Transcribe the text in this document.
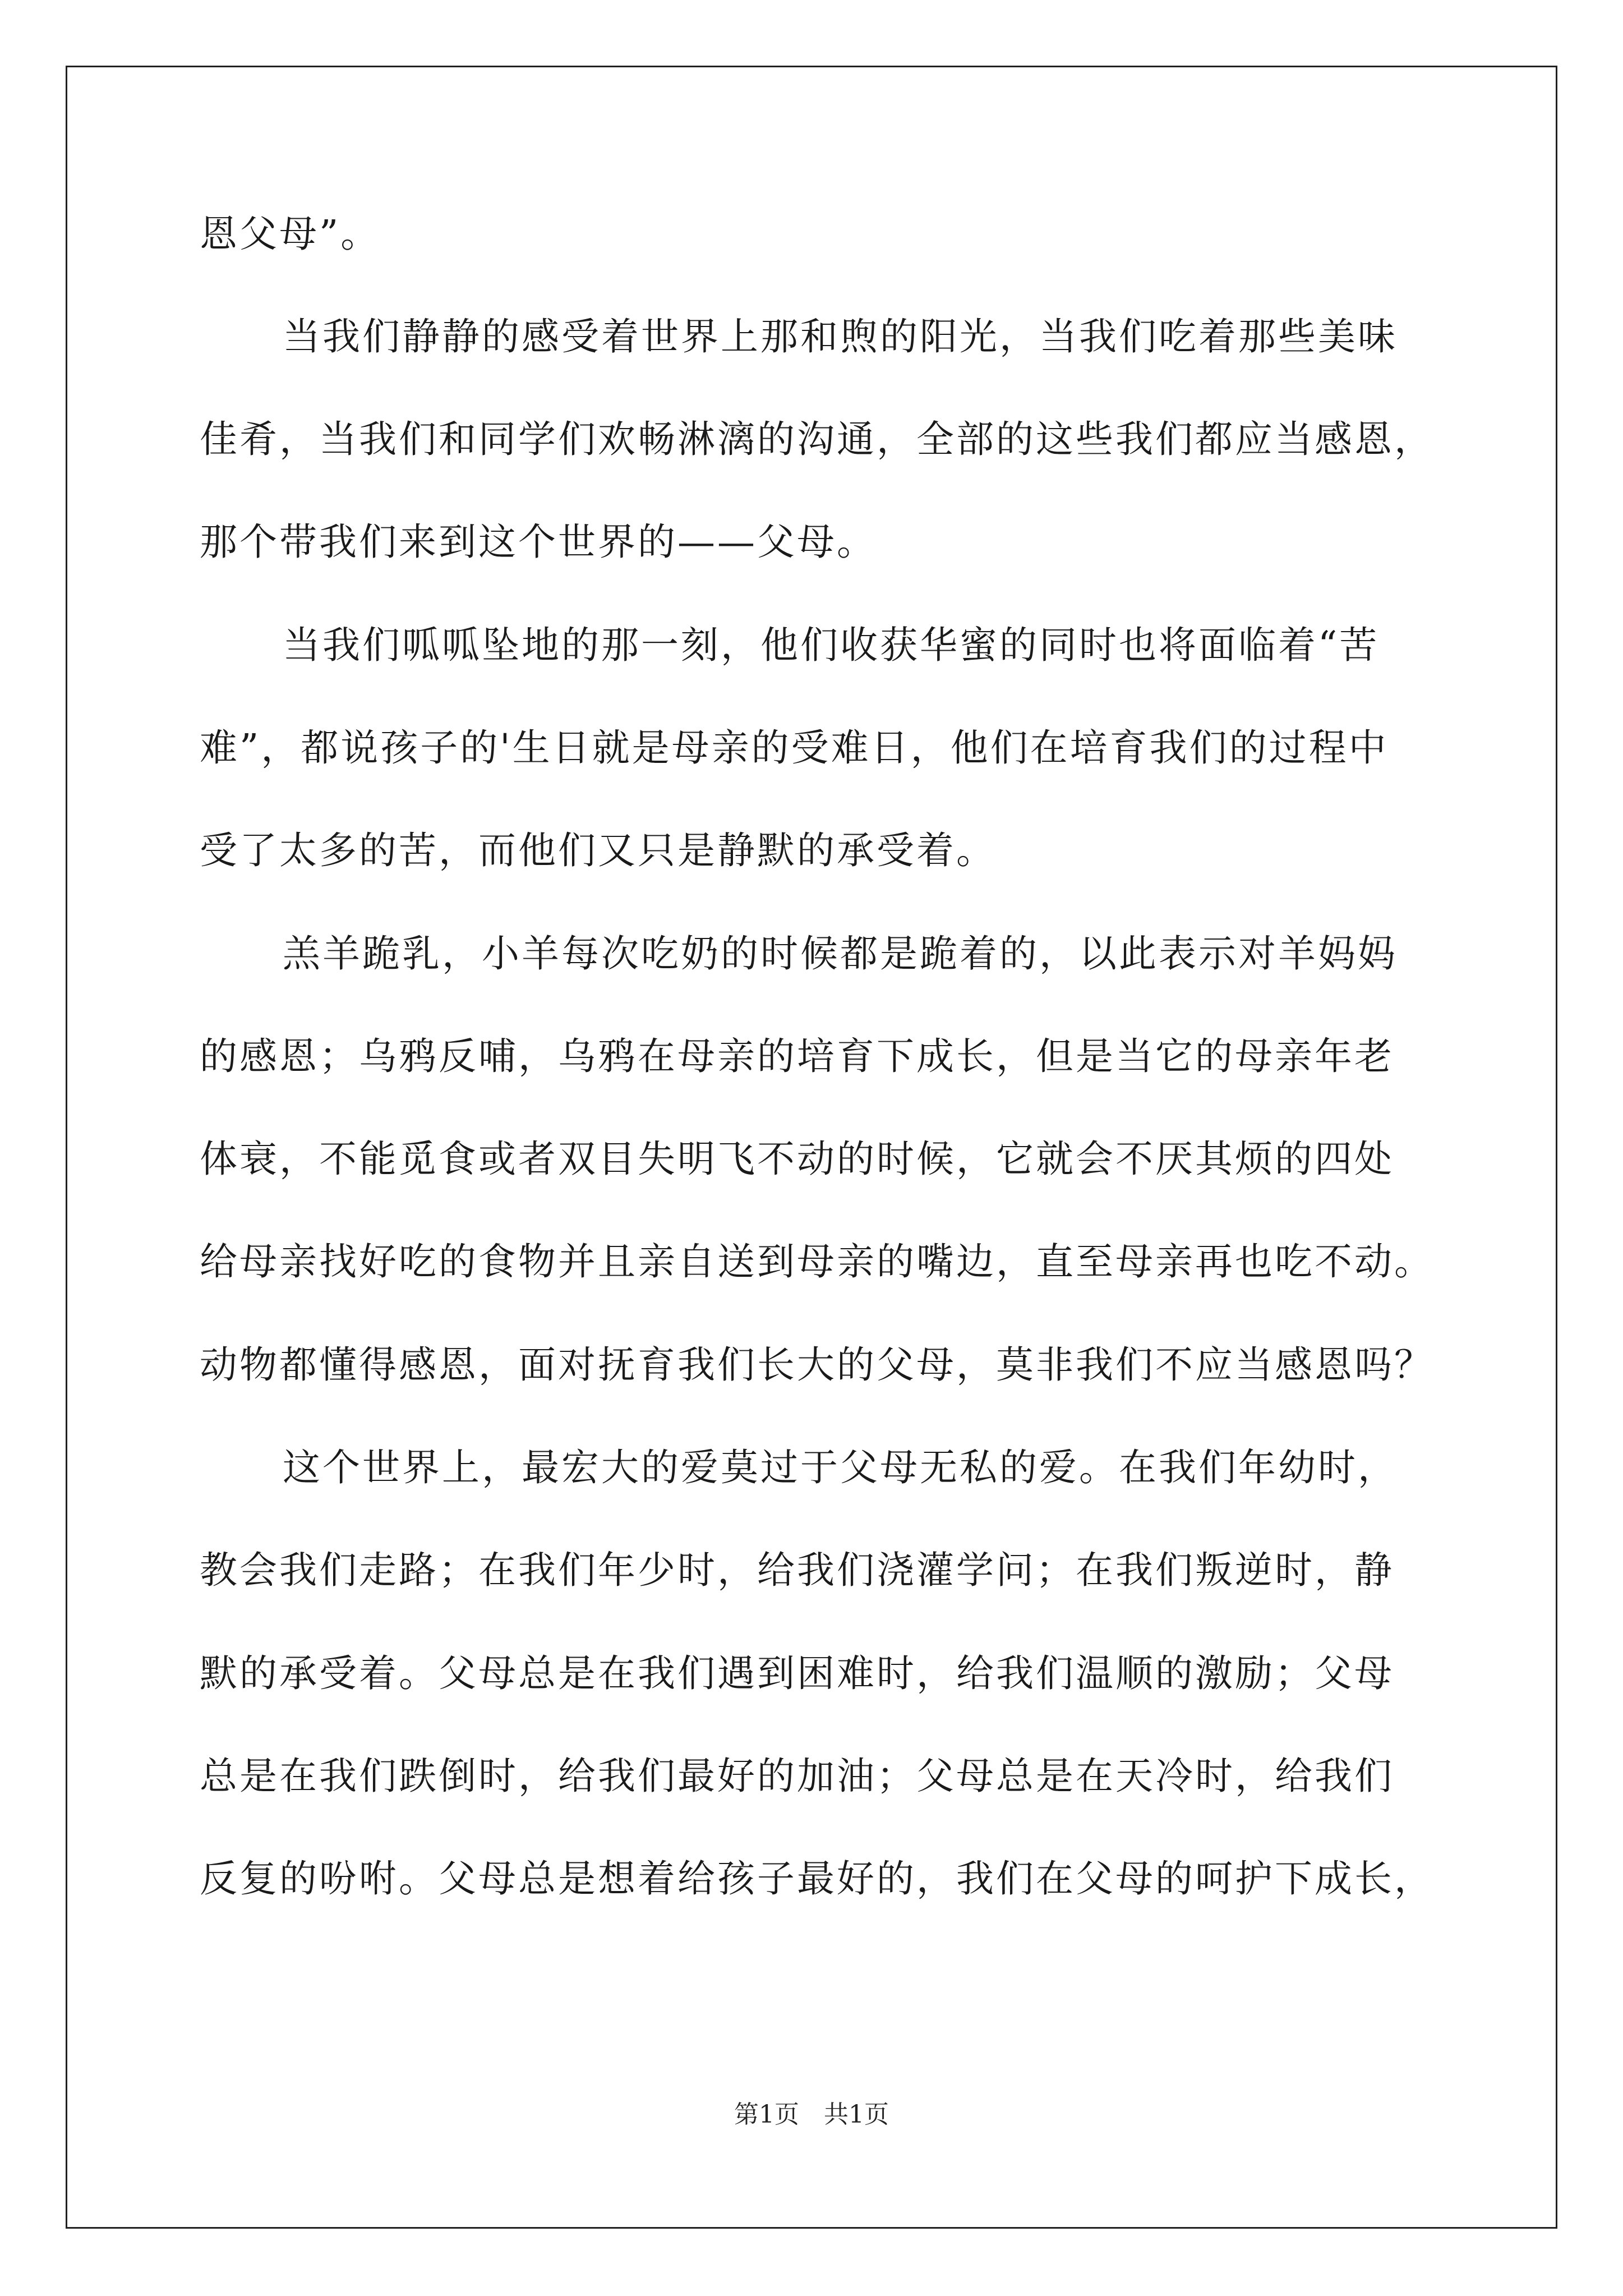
恩父母”。
当我们静静的感受着世界上那和煦的阳光，当我们吃着那些美味
佳肴，当我们和同学们欢畅淋漓的沟通，全部的这些我们都应当感恩，
那个带我们来到这个世界的——父母。
当我们呱呱坠地的那一刻，他们收获华蜜的同时也将面临着“苦
难”，都说孩子的'生日就是母亲的受难日，他们在培育我们的过程中
受了太多的苦，而他们又只是静默的承受着。
羔羊跪乳，小羊每次吃奶的时候都是跪着的，以此表示对羊妈妈
的感恩；乌鸦反哺，乌鸦在母亲的培育下成长，但是当它的母亲年老
体衰，不能觅食或者双目失明飞不动的时候，它就会不厌其烦的四处
给母亲找好吃的食物并且亲自送到母亲的嘴边，直至母亲再也吃不动。
动物都懂得感恩，面对抚育我们长大的父母，莫非我们不应当感恩吗？
这个世界上，最宏大的爱莫过于父母无私的爱。在我们年幼时，
教会我们走路；在我们年少时，给我们浇灌学问；在我们叛逆时，静
默的承受着。父母总是在我们遇到困难时，给我们温顺的激励；父母
总是在我们跌倒时，给我们最好的加油；父母总是在天冷时，给我们
反复的吩咐。父母总是想着给孩子最好的，我们在父母的呵护下成长，
第1页　共1页
